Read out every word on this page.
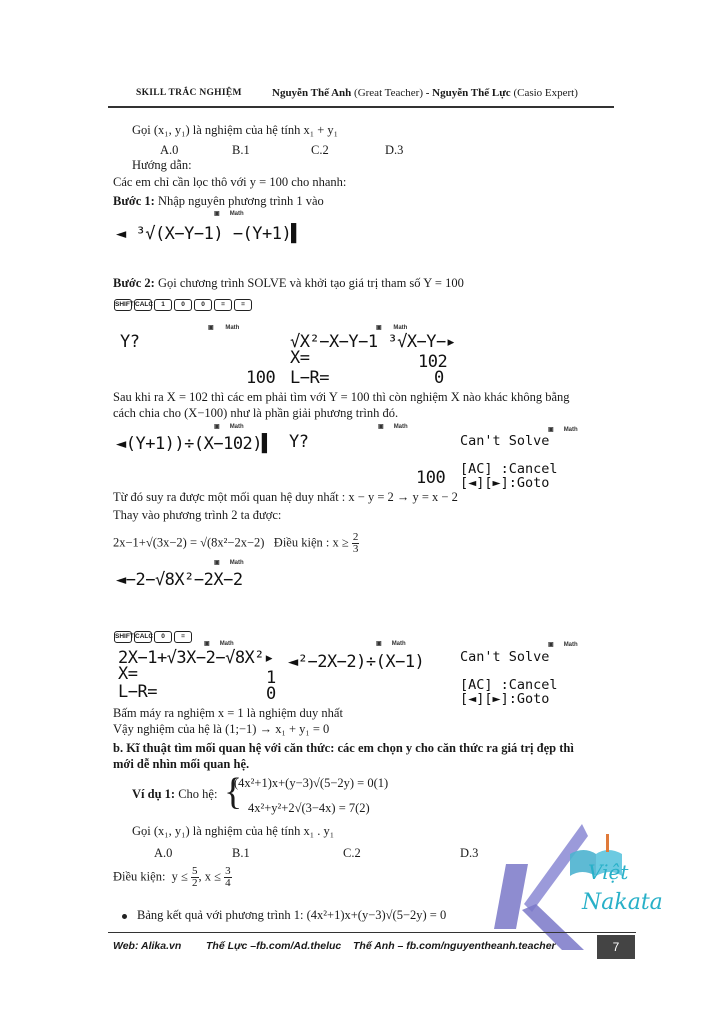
SKILL TRẮC NGHIỆM	Nguyễn Thế Anh (Great Teacher) - Nguyễn Thế Lực (Casio Expert)
Gọi (x₁, y₁) là nghiệm của hệ tính x₁ + y₁
A.0	B.1	C.2	D.3
Hướng dẫn:
Các em chỉ cần lọc thô với y = 100 cho nhanh:
Bước 1: Nhập nguyên phương trình 1 vào
▣ Math
◄ ³√(X−Y−1) −(Y+1)▌
Bước 2: Gọi chương trình SOLVE và khởi tạo giá trị tham số Y = 100
SHIFTCALC 1	0	0	= =
▣ Math
Y?
100
▣ Math
√X²−X−Y−1 ³√X−Y−▸
X=	102
L−R=	0
Sau khi ra X = 102 thì các em phải tìm với Y = 100 thì còn nghiệm X nào khác không bằng
cách chia cho (X−100) như là phần giải phương trình đó.
▣ Math
◄(Y+1))÷(X−102)▌
▣ Math
Y?
100
▣ Math
Can't Solve
[AC] :Cancel
[◄][►]:Goto
Từ đó suy ra được một mối quan hệ duy nhất : x − y = 2 → y = x − 2
Thay vào phương trình 2 ta được:
2x−1+√(3x−2) = √(8x²−2x−2) Điều kiện : $x \ge \frac{2}{3}$
▣ Math
◄−2−√8X²−2X−2
SHIFTCALC 0	=
▣ Math
2X−1+√3X−2−√8X²▸
X=	1
L−R=	0
▣ Math
◄²−2X−2)÷(X−1)
▣ Math
Can't Solve
[AC] :Cancel
[◄][►]:Goto
Bấm máy ra nghiệm x = 1 là nghiệm duy nhất
Vậy nghiệm của hệ là (1;−1) → x₁ + y₁ = 0
b. Kĩ thuật tìm mối quan hệ với căn thức: các em chọn y cho căn thức ra giá trị đẹp thì
mới dễ nhìn mối quan hệ.
Ví dụ 1: Cho hệ: {
(4x²+1)x+(y−3)√(5−2y) = 0(1)
4x²+y²+2√(3−4x) = 7(2)
Gọi (x₁, y₁) là nghiệm của hệ tính x₁ . y₁
A.0	B.1	C.2	D.3
Điều kiện: $y \le \frac{5}{2}$ , $x \le \frac{3}{4}$
Bảng kết quả với phương trình 1: (4x²+1)x+(y−3)√(5−2y) = 0
Việt
Nakata
Web: Alika.vn Thế Lực –fb.com/Ad.theluc Thế Anh – fb.com/nguyentheanh.teacher	7
